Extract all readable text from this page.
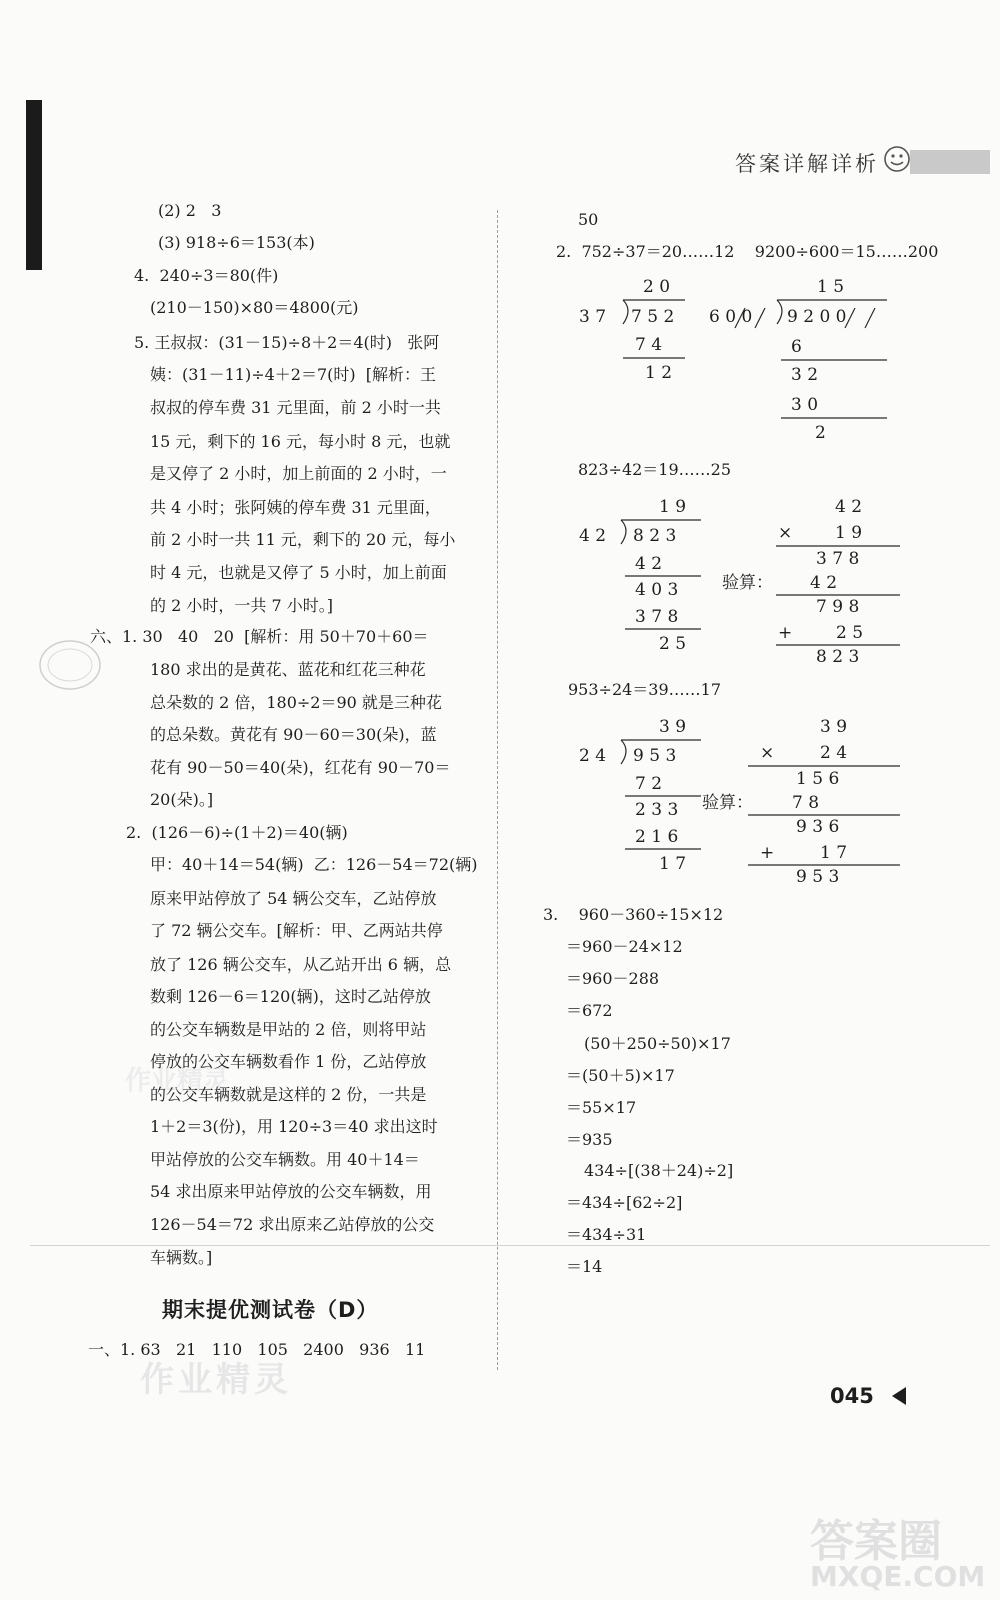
答案详解详析
作业精灵
作业精灵
答案圈
MXQE.COM
(2) 2   3
(3) 918÷6＝153(本)
4.  240÷3＝80(件)
(210－150)×80＝4800(元)
5. 王叔叔：(31－15)÷8＋2＝4(时)   张阿
姨：(31－11)÷4＋2＝7(时)  [解析：王
叔叔的停车费 31 元里面，前 2 小时一共
15 元，剩下的 16 元，每小时 8 元，也就
是又停了 2 小时，加上前面的 2 小时，一
共 4 小时；张阿姨的停车费 31 元里面，
前 2 小时一共 11 元，剩下的 20 元，每小
时 4 元，也就是又停了 5 小时，加上前面
的 2 小时，一共 7 小时。]
六、1. 30   40   20  [解析：用 50＋70＋60＝
180 求出的是黄花、蓝花和红花三种花
总朵数的 2 倍，180÷2＝90 就是三种花
的总朵数。黄花有 90－60＝30(朵)，蓝
花有 90－50＝40(朵)，红花有 90－70＝
20(朵)。]
2.  (126－6)÷(1＋2)＝40(辆)
甲：40＋14＝54(辆)  乙：126－54＝72(辆)
原来甲站停放了 54 辆公交车，乙站停放
了 72 辆公交车。[解析：甲、乙两站共停
放了 126 辆公交车，从乙站开出 6 辆，总
数剩 126－6＝120(辆)，这时乙站停放
的公交车辆数是甲站的 2 倍，则将甲站
停放的公交车辆数看作 1 份，乙站停放
的公交车辆数就是这样的 2 份，一共是
1＋2＝3(份)，用 120÷3＝40 求出这时
甲站停放的公交车辆数。用 40＋14＝
54 求出原来甲站停放的公交车辆数，用
126－54＝72 求出原来乙站停放的公交
车辆数。]
期末提优测试卷（D）
一、1. 63   21   110   105   2400   936   11
50
2.  752÷37＝20……12    9200÷600＝15……200
823÷42＝19……25
953÷24＝39……17
2 0
3 7 7 5 2
7 4
1 2
1 5
6 0 0 9 2 0 0
6
3 2
3 0
2
1 9
4 2 8 2 3
4 2
4 0 3
3 7 8
2 5
4 2
×	1 9
3 7 8
验算： 4 2
7 9 8
+	2 5
8 2 3
3 9
2 4 9 5 3
7 2
2 3 3
2 1 6
1 7
3 9
×	2 4
1 5 6
验算： 7 8
9 3 6
+	1 7
9 5 3
3.    960－360÷15×12
＝960－24×12
＝960－288
＝672
(50＋250÷50)×17
＝(50＋5)×17
＝55×17
＝935
434÷[(38＋24)÷2]
＝434÷[62÷2]
＝434÷31
＝14
045
